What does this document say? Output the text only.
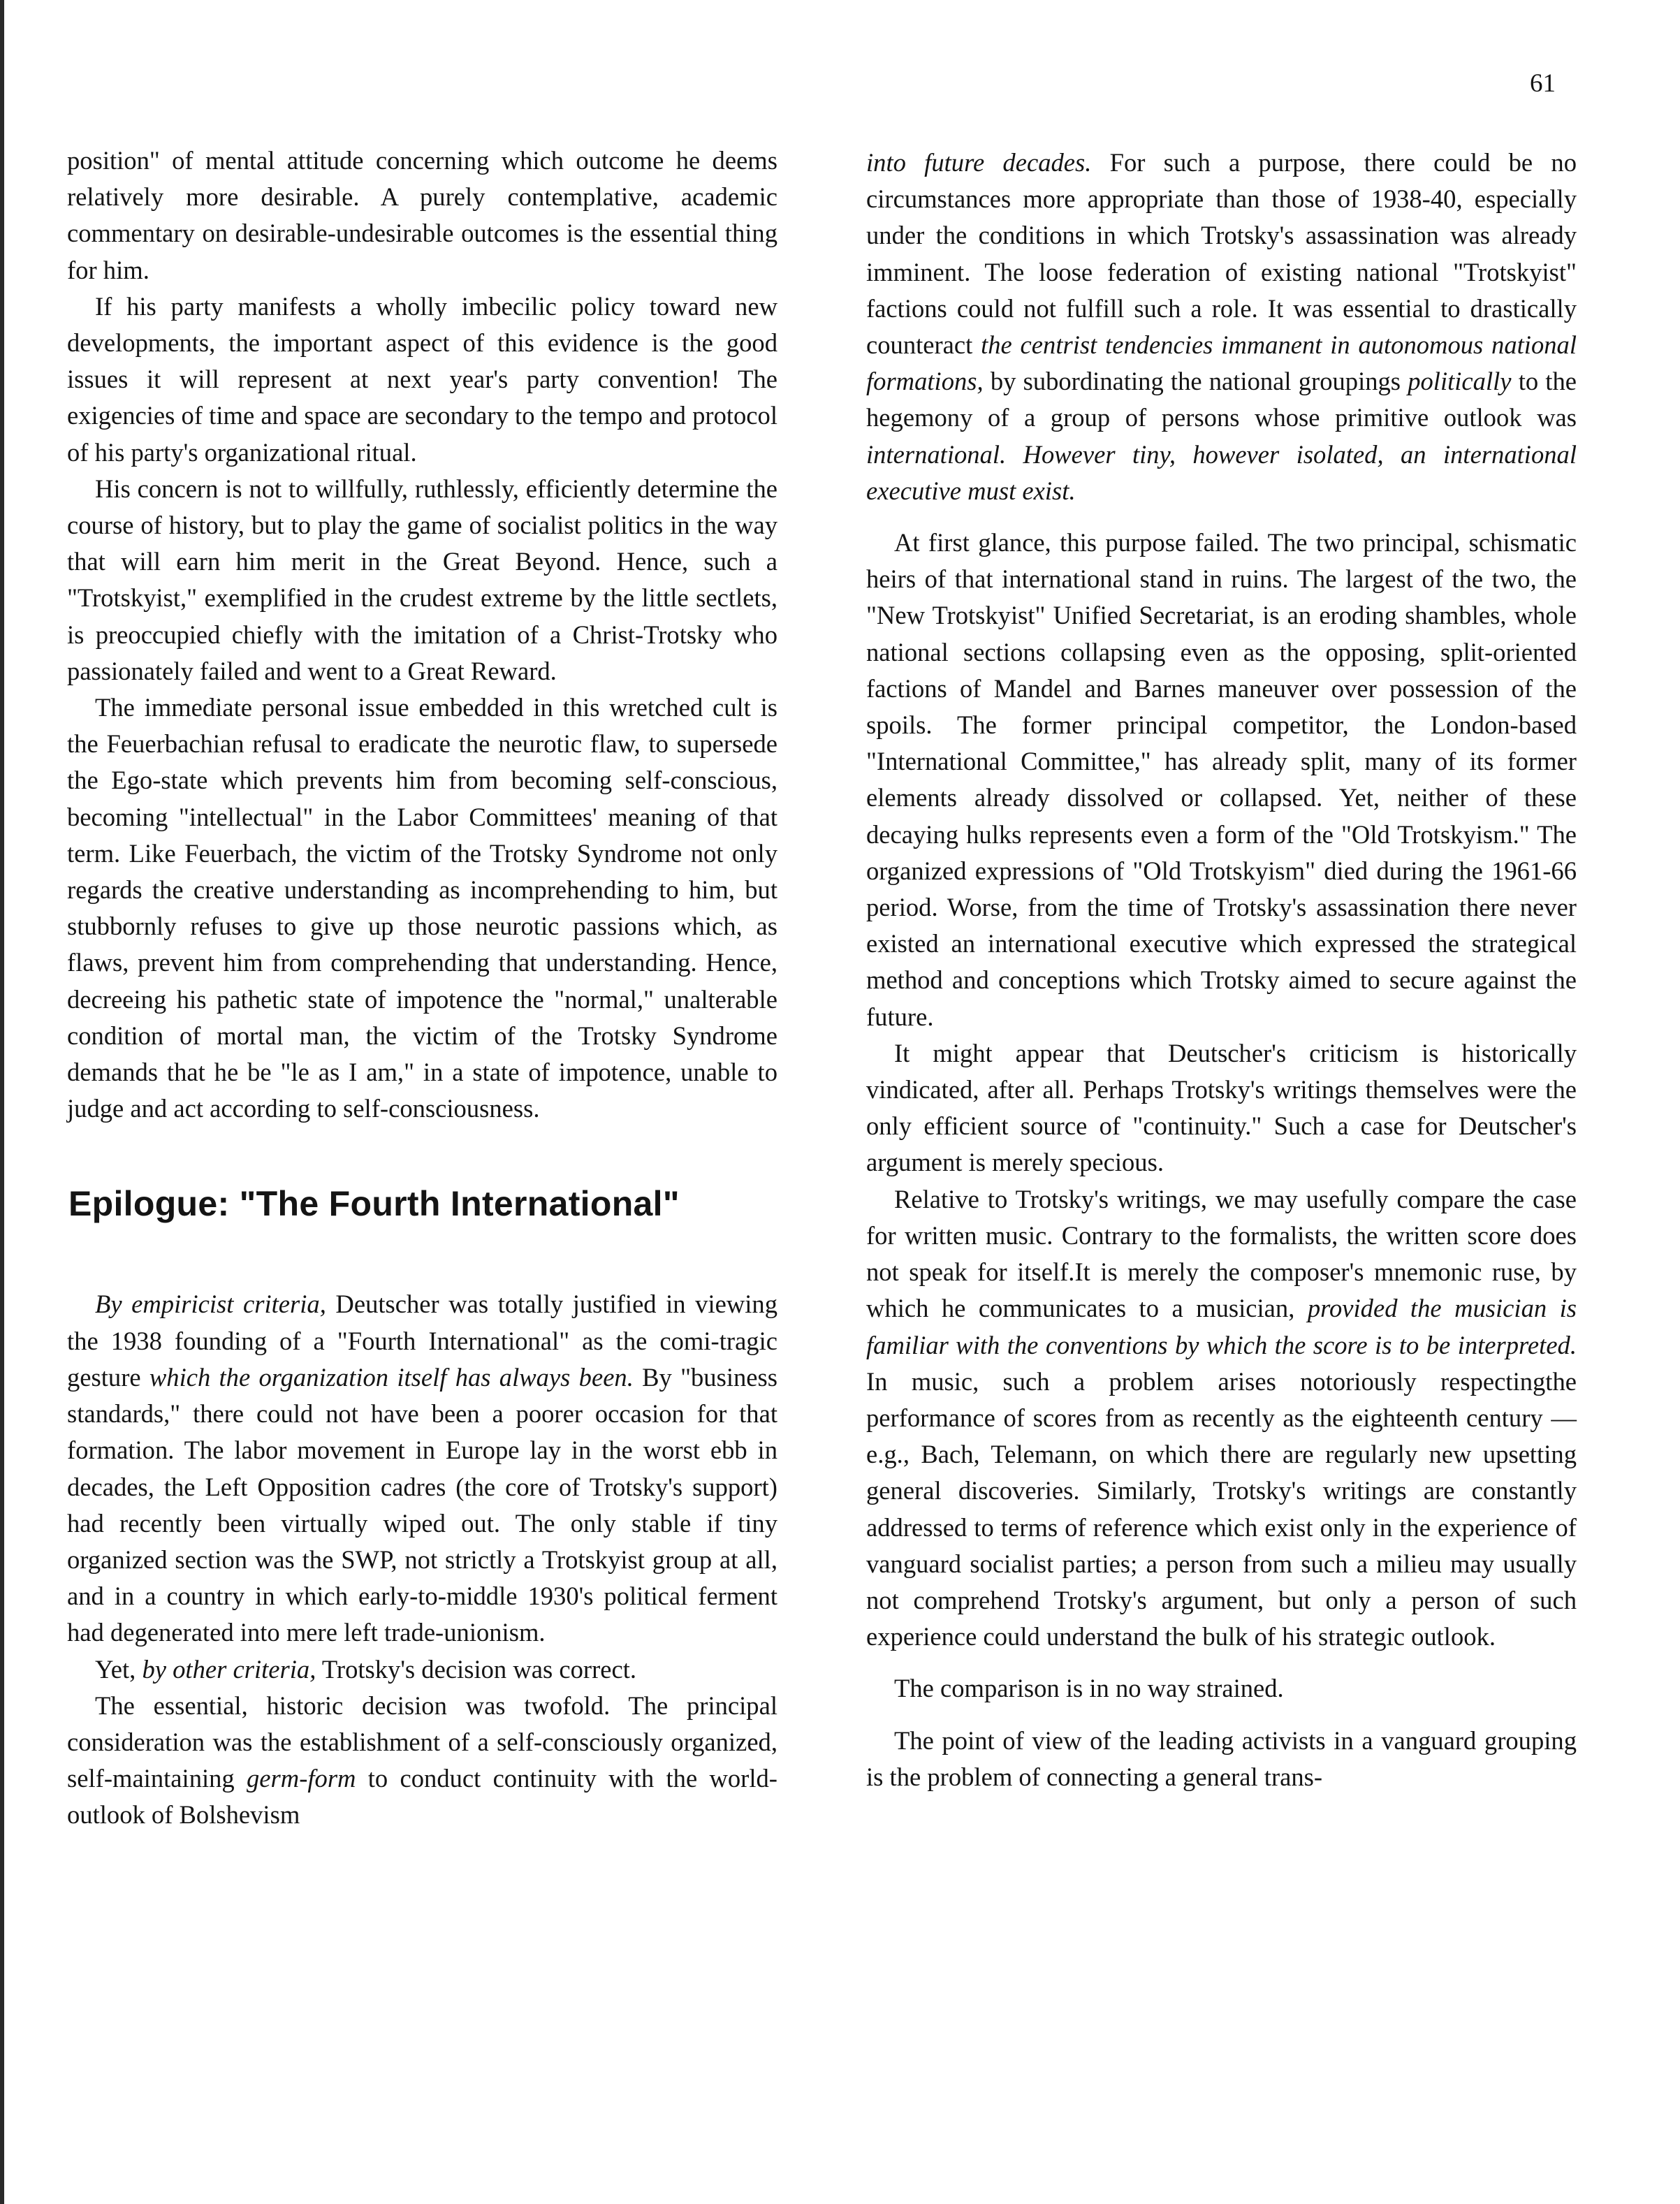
61

position" of mental attitude concerning which outcome he deems relatively more desirable. A purely contemplative, academic commentary on desirable-undesirable outcomes is the essential thing for him.

If his party manifests a wholly imbecilic policy toward new developments, the important aspect of this evidence is the good issues it will represent at next year's party convention! The exigencies of time and space are secondary to the tempo and protocol of his party's organizational ritual.

His concern is not to willfully, ruthlessly, efficiently determine the course of history, but to play the game of socialist politics in the way that will earn him merit in the Great Beyond. Hence, such a "Trotskyist," exemplified in the crudest extreme by the little sectlets, is preoccupied chiefly with the imitation of a Christ-Trotsky who passionately failed and went to a Great Reward.

The immediate personal issue embedded in this wretched cult is the Feuerbachian refusal to eradicate the neurotic flaw, to supersede the Ego-state which prevents him from becoming self-conscious, becoming "intellectual" in the Labor Committees' meaning of that term. Like Feuerbach, the victim of the Trotsky Syndrome not only regards the creative understanding as incomprehending to him, but stubbornly refuses to give up those neurotic passions which, as flaws, prevent him from comprehending that understanding. Hence, decreeing his pathetic state of impotence the "normal," unalterable condition of mortal man, the victim of the Trotsky Syndrome demands that he be "le as I am," in a state of impotence, unable to judge and act according to self-consciousness.

Epilogue: "The Fourth International"

By empiricist criteria, Deutscher was totally justified in viewing the 1938 founding of a "Fourth International" as the comi-tragic gesture which the organization itself has always been. By "business standards," there could not have been a poorer occasion for that formation. The labor movement in Europe lay in the worst ebb in decades, the Left Opposition cadres (the core of Trotsky's support) had recently been virtually wiped out. The only stable if tiny organized section was the SWP, not strictly a Trotskyist group at all, and in a country in which early-to-middle 1930's political ferment had degenerated into mere left trade-unionism.

Yet, by other criteria, Trotsky's decision was correct.

The essential, historic decision was twofold. The principal consideration was the establishment of a self-consciously organized, self-maintaining germ-form to conduct continuity with the world-outlook of Bolshevism

into future decades. For such a purpose, there could be no circumstances more appropriate than those of 1938-40, especially under the conditions in which Trotsky's assassination was already imminent. The loose federation of existing national "Trotskyist" factions could not fulfill such a role. It was essential to drastically counteract the centrist tendencies immanent in autonomous national formations, by subordinating the national groupings politically to the hegemony of a group of persons whose primitive outlook was international. However tiny, however isolated, an international executive must exist.

At first glance, this purpose failed. The two principal, schismatic heirs of that international stand in ruins. The largest of the two, the "New Trotskyist" Unified Secretariat, is an eroding shambles, whole national sections collapsing even as the opposing, split-oriented factions of Mandel and Barnes maneuver over possession of the spoils. The former principal competitor, the London-based "International Committee," has already split, many of its former elements already dissolved or collapsed. Yet, neither of these decaying hulks represents even a form of the "Old Trotskyism." The organized expressions of "Old Trotskyism" died during the 1961-66 period. Worse, from the time of Trotsky's assassination there never existed an international executive which expressed the strategical method and conceptions which Trotsky aimed to secure against the future.

It might appear that Deutscher's criticism is historically vindicated, after all. Perhaps Trotsky's writings themselves were the only efficient source of "continuity." Such a case for Deutscher's argument is merely specious.

Relative to Trotsky's writings, we may usefully compare the case for written music. Contrary to the formalists, the written score does not speak for itself.It is merely the composer's mnemonic ruse, by which he communicates to a musician, provided the musician is familiar with the conventions by which the score is to be interpreted. In music, such a problem arises notoriously respectingthe performance of scores from as recently as the eighteenth century — e.g., Bach, Telemann, on which there are regularly new upsetting general discoveries. Similarly, Trotsky's writings are constantly addressed to terms of reference which exist only in the experience of vanguard socialist parties; a person from such a milieu may usually not comprehend Trotsky's argument, but only a person of such experience could understand the bulk of his strategic outlook.

The comparison is in no way strained.

The point of view of the leading activists in a vanguard grouping is the problem of connecting a general trans-
